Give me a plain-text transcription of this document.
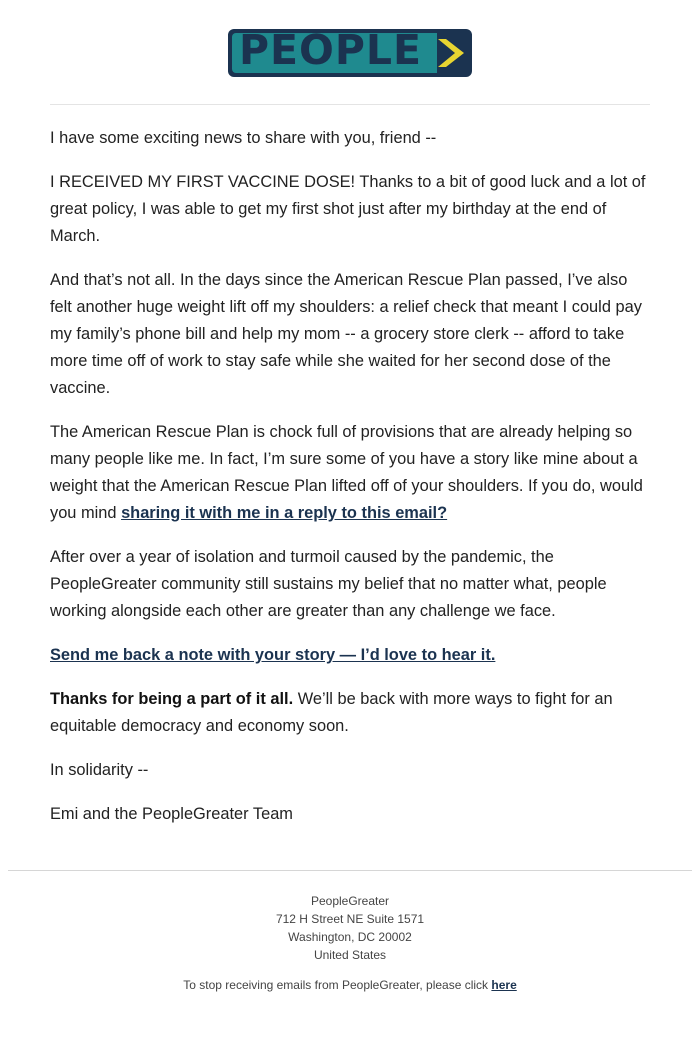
PEOPLE

I have some exciting news to share with you, friend --

I RECEIVED MY FIRST VACCINE DOSE! Thanks to a bit of good luck and a lot of great policy, I was able to get my first shot just after my birthday at the end of March.

And that’s not all. In the days since the American Rescue Plan passed, I’ve also felt another huge weight lift off my shoulders: a relief check that meant I could pay my family’s phone bill and help my mom -- a grocery store clerk -- afford to take more time off of work to stay safe while she waited for her second dose of the vaccine.

The American Rescue Plan is chock full of provisions that are already helping so many people like me. In fact, I’m sure some of you have a story like mine about a weight that the American Rescue Plan lifted off of your shoulders. If you do, would you mind sharing it with me in a reply to this email?

After over a year of isolation and turmoil caused by the pandemic, the PeopleGreater community still sustains my belief that no matter what, people working alongside each other are greater than any challenge we face.

Send me back a note with your story — I’d love to hear it.

Thanks for being a part of it all. We’ll be back with more ways to fight for an equitable democracy and economy soon.

In solidarity --

Emi and the PeopleGreater Team

PeopleGreater
712 H Street NE Suite 1571
Washington, DC 20002
United States
To stop receiving emails from PeopleGreater, please click here
